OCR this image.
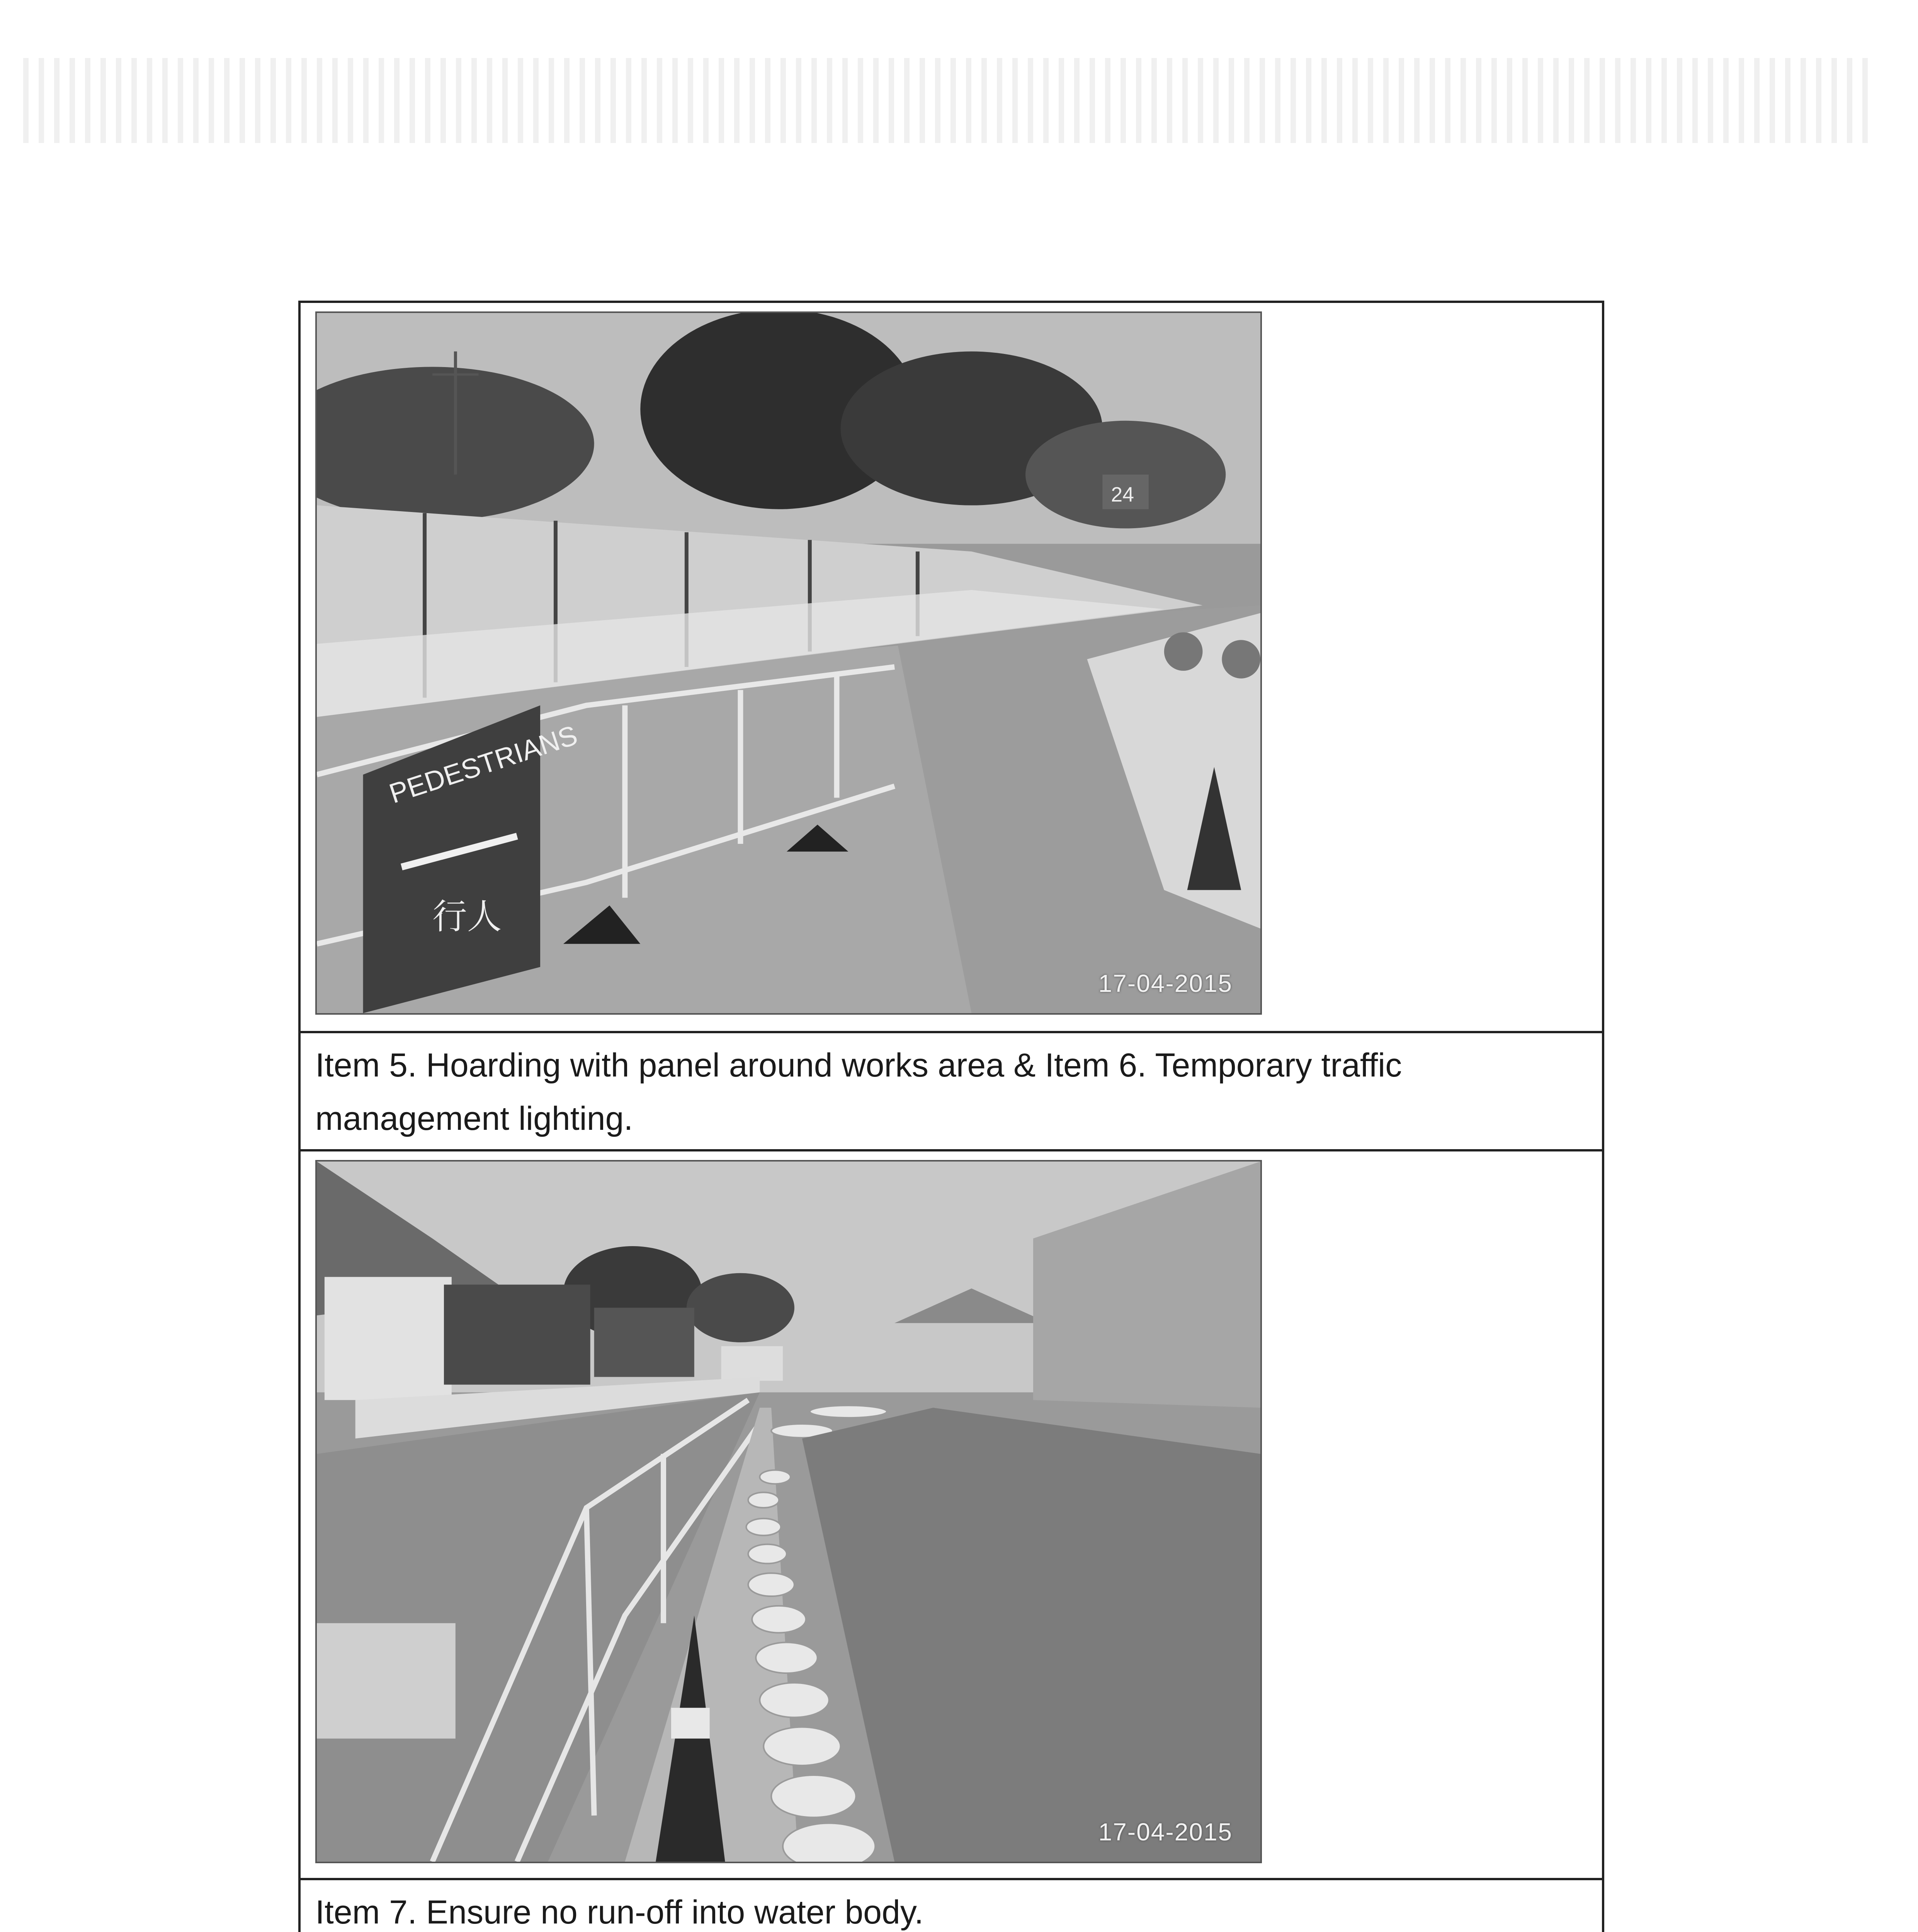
PEDESTRIANS
行人
24
17-04-2015
Item 5. Hoarding with panel around works area & Item 6. Temporary traffic management lighting.
17-04-2015
Item 7. Ensure no run-off into water body.
